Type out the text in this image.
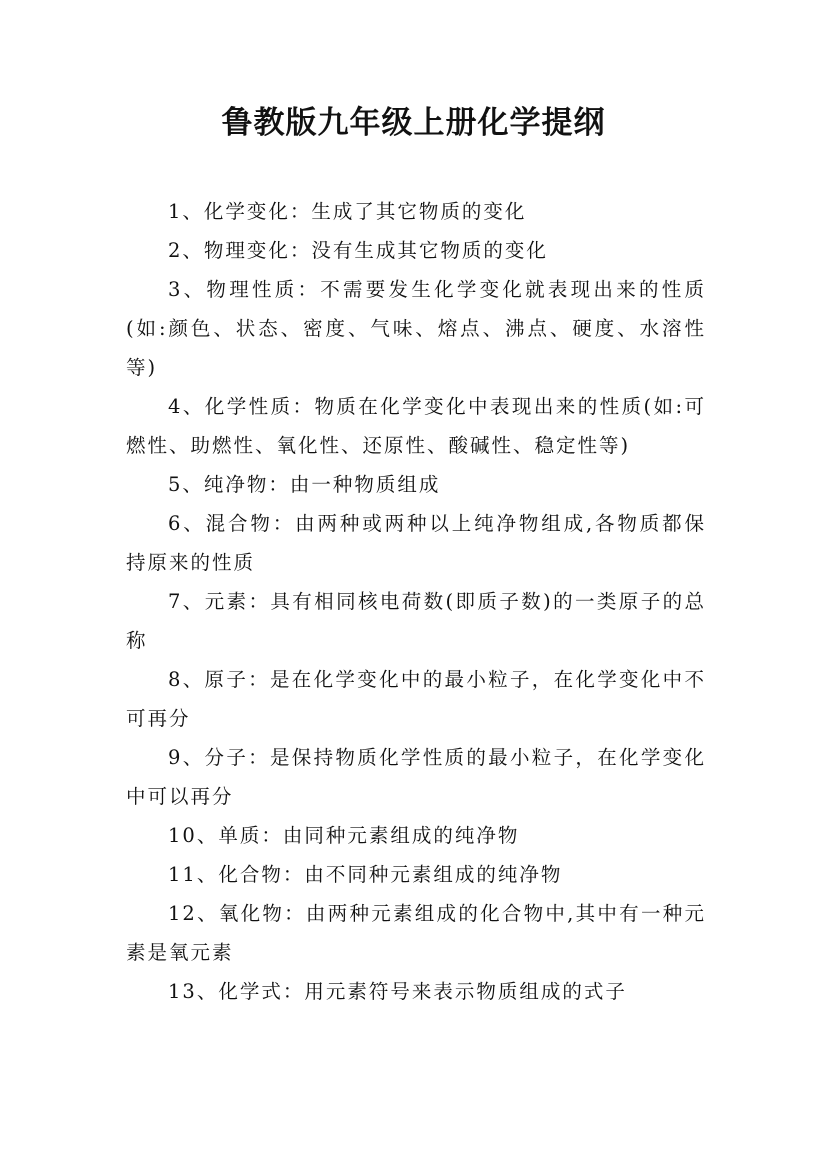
鲁教版九年级上册化学提纲

1、化学变化：生成了其它物质的变化

2、物理变化：没有生成其它物质的变化

3、物理性质：不需要发生化学变化就表现出来的性质(如:颜色、状态、密度、气味、熔点、沸点、硬度、水溶性等)

4、化学性质：物质在化学变化中表现出来的性质(如:可燃性、助燃性、氧化性、还原性、酸碱性、稳定性等)

5、纯净物：由一种物质组成

6、混合物：由两种或两种以上纯净物组成,各物质都保持原来的性质

7、元素：具有相同核电荷数(即质子数)的一类原子的总称

8、原子：是在化学变化中的最小粒子，在化学变化中不可再分

9、分子：是保持物质化学性质的最小粒子，在化学变化中可以再分

10、单质：由同种元素组成的纯净物

11、化合物：由不同种元素组成的纯净物

12、氧化物：由两种元素组成的化合物中,其中有一种元素是氧元素

13、化学式：用元素符号来表示物质组成的式子
